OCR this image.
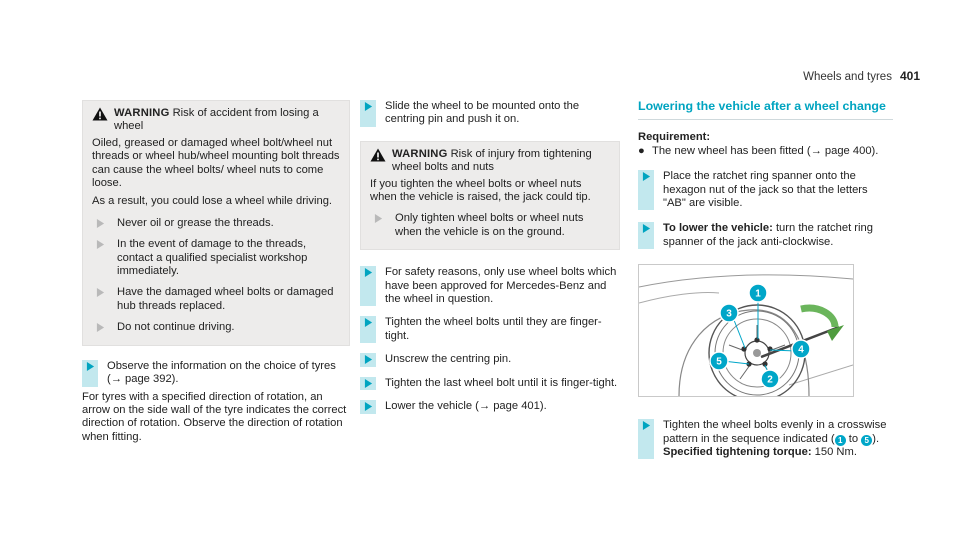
Wheels and tyres 401
WARNING Risk of accident from losing a wheel

Oiled, greased or damaged wheel bolt/wheel nut threads or wheel hub/wheel mounting bolt threads can cause the wheel bolts/ wheel nuts to come loose.

As a result, you could lose a wheel while driving.

Never oil or grease the threads.
In the event of damage to the threads, contact a qualified specialist workshop immediately.
Have the damaged wheel bolts or damaged hub threads replaced.
Do not continue driving.
Observe the information on the choice of tyres (→ page 392).

For tyres with a specified direction of rotation, an arrow on the side wall of the tyre indicates the correct direction of rotation. Observe the direction of rotation when fitting.

Slide the wheel to be mounted onto the centring pin and push it on.
WARNING Risk of injury from tightening wheel bolts and nuts

If you tighten the wheel bolts or wheel nuts when the vehicle is raised, the jack could tip.

Only tighten wheel bolts or wheel nuts when the vehicle is on the ground.
For safety reasons, only use wheel bolts which have been approved for Mercedes-Benz and the wheel in question.
Tighten the wheel bolts until they are finger-tight.
Unscrew the centring pin.
Tighten the last wheel bolt until it is finger-tight.
Lower the vehicle (→ page 401).
Lowering the vehicle after a wheel change

Requirement:

● The new wheel has been fitted (→ page 400).
Place the ratchet ring spanner onto the hexagon nut of the jack so that the letters "AB" are visible.
To lower the vehicle: turn the ratchet ring spanner of the jack anti-clockwise.
1
2
3
4
5
Tighten the wheel bolts evenly in a crosswise pattern in the sequence indicated ( 1 to 5 ).
Specified tightening torque: 150 Nm.
